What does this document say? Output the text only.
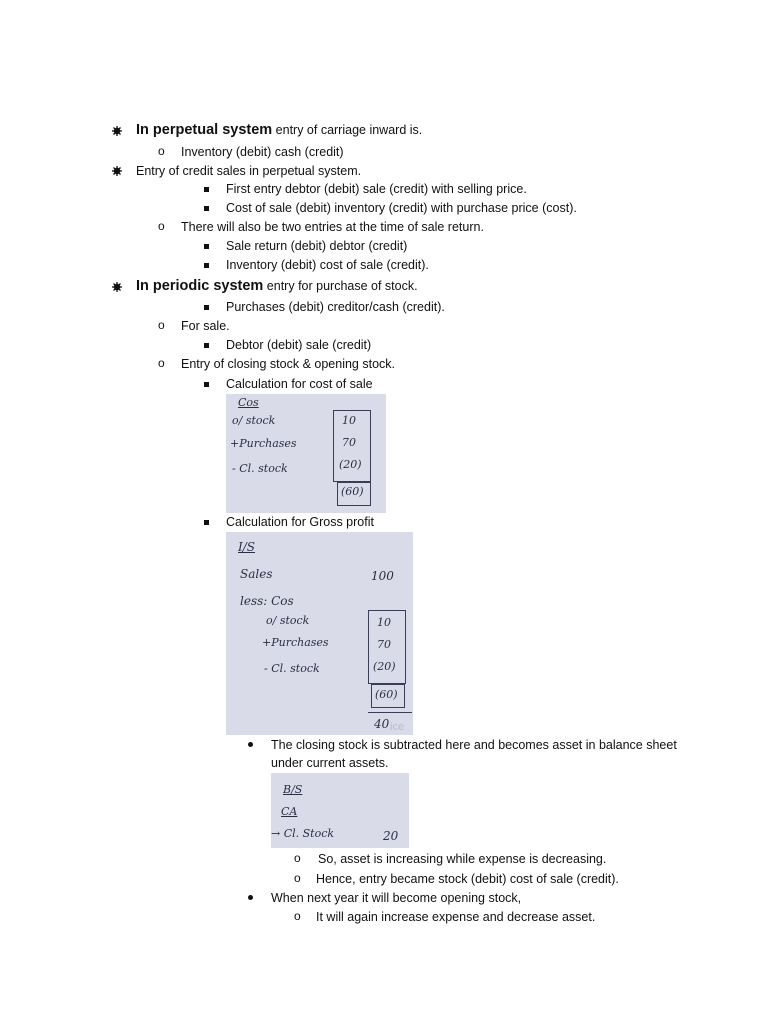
In perpetual system entry of carriage inward is.
o Inventory (debit) cash (credit)
Entry of credit sales in perpetual system.
First entry debtor (debit) sale (credit) with selling price.
Cost of sale (debit) inventory (credit) with purchase price (cost).
o There will also be two entries at the time of sale return.
Sale return (debit) debtor (credit)
Inventory (debit) cost of sale (credit).
In periodic system entry for purchase of stock.
Purchases (debit) creditor/cash (credit).
o For sale.
Debtor (debit) sale (credit)
o Entry of closing stock & opening stock.
Calculation for cost of sale
Cos
o/ stock
+Purchases
- Cl. stock
10
70
(20)
(60)
Calculation for Gross profit
I/S
Sales	100
less: Cos
o/ stock
+Purchases
- Cl. stock
10
70
(20)
(60)
40 ice
The closing stock is subtracted here and becomes asset in balance sheet
under current assets.
B/S
CA
→ Cl. Stock	20
o So, asset is increasing while expense is decreasing.
o Hence, entry became stock (debit) cost of sale (credit).
When next year it will become opening stock,
o It will again increase expense and decrease asset.
